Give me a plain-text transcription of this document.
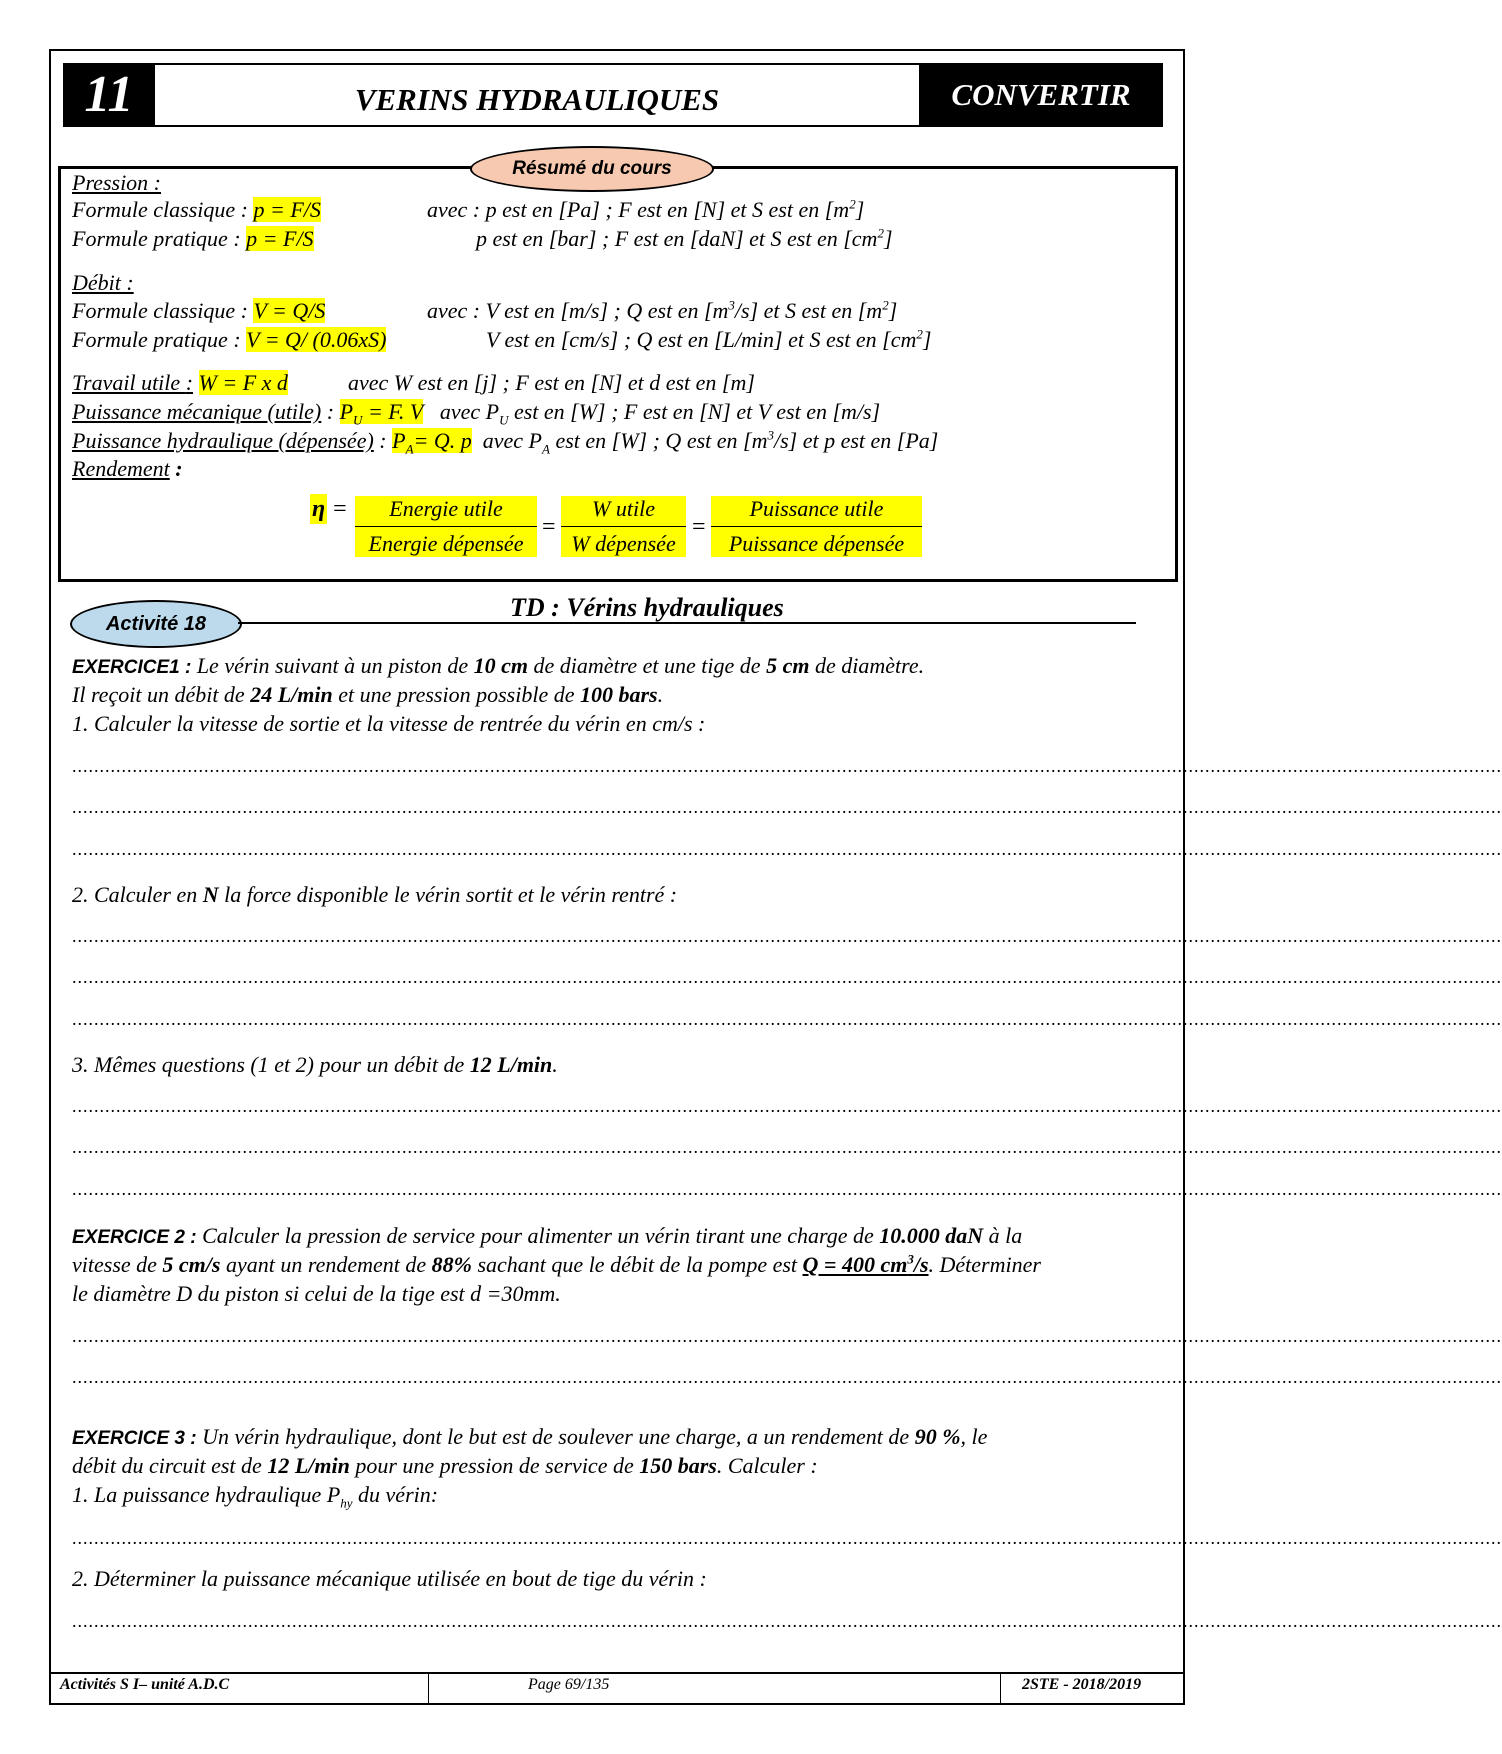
11	VERINS HYDRAULIQUES	CONVERTIR
Résumé du cours
Pression :
Formule classique : p = F/S	avec : p est en [Pa] ; F est en [N] et S est en $[m^2]$
Formule pratique : p = F/S	p est en [bar] ; F est en [daN] et S est en $[cm^2]$
Débit :
Formule classique : V = Q/S	avec : V est en [m/s] ; Q est en $[m^3/s]$ et S est en $[m^2]$
Formule pratique : V = Q/ (0.06xS)	V est en [cm/s] ; Q est en [L/min] et S est en $[cm^2]$
Travail utile : W = F x d	avec W est en [j] ; F est en [N] et d est en [m]
Puissance mécanique (utile) : $P_U = F$. V avec $P_U$ est en [W] ; F est en [N] et V est en [m/s]
Puissance hydraulique (dépensée) : $P_A= Q$. p avec $P_A$ est en [W] ; Q est en $[m^3/s]$ et p est en [Pa]
Rendement :
η =	Energie utile
Energie dépensée
=
W utile
W dépensée
=
Puissance utile
Puissance dépensée
Activité 18
TD : Vérins hydrauliques
EXERCICE1 : Le vérin suivant à un piston de 10 cm de diamètre et une tige de 5 cm de diamètre.
Il reçoit un débit de 24 L/min et une pression possible de 100 bars.
1. Calculer la vitesse de sortie et la vitesse de rentrée du vérin en cm/s :
....................................................................................................................................................................................................................................................................
....................................................................................................................................................................................................................................................................
....................................................................................................................................................................................................................................................................
2. Calculer en N la force disponible le vérin sortit et le vérin rentré :
....................................................................................................................................................................................................................................................................
....................................................................................................................................................................................................................................................................
....................................................................................................................................................................................................................................................................
3. Mêmes questions (1 et 2) pour un débit de 12 L/min.
....................................................................................................................................................................................................................................................................
....................................................................................................................................................................................................................................................................
....................................................................................................................................................................................................................................................................
EXERCICE 2 : Calculer la pression de service pour alimenter un vérin tirant une charge de 10.000 daN à la
vitesse de 5 cm/s ayant un rendement de 88% sachant que le débit de la pompe est Q = 400 $cm^3/s$. Déterminer
le diamètre D du piston si celui de la tige est d =30mm.
....................................................................................................................................................................................................................................................................
....................................................................................................................................................................................................................................................................
EXERCICE 3 : Un vérin hydraulique, dont le but est de soulever une charge, a un rendement de 90 %, le
débit du circuit est de 12 L/min pour une pression de service de 150 bars. Calculer :
1. La puissance hydraulique $P_{hy}$ du vérin:
....................................................................................................................................................................................................................................................................
2. Déterminer la puissance mécanique utilisée en bout de tige du vérin :
....................................................................................................................................................................................................................................................................
Activités S I– unité A.D.C	Page 69/135	2STE - 2018/2019
